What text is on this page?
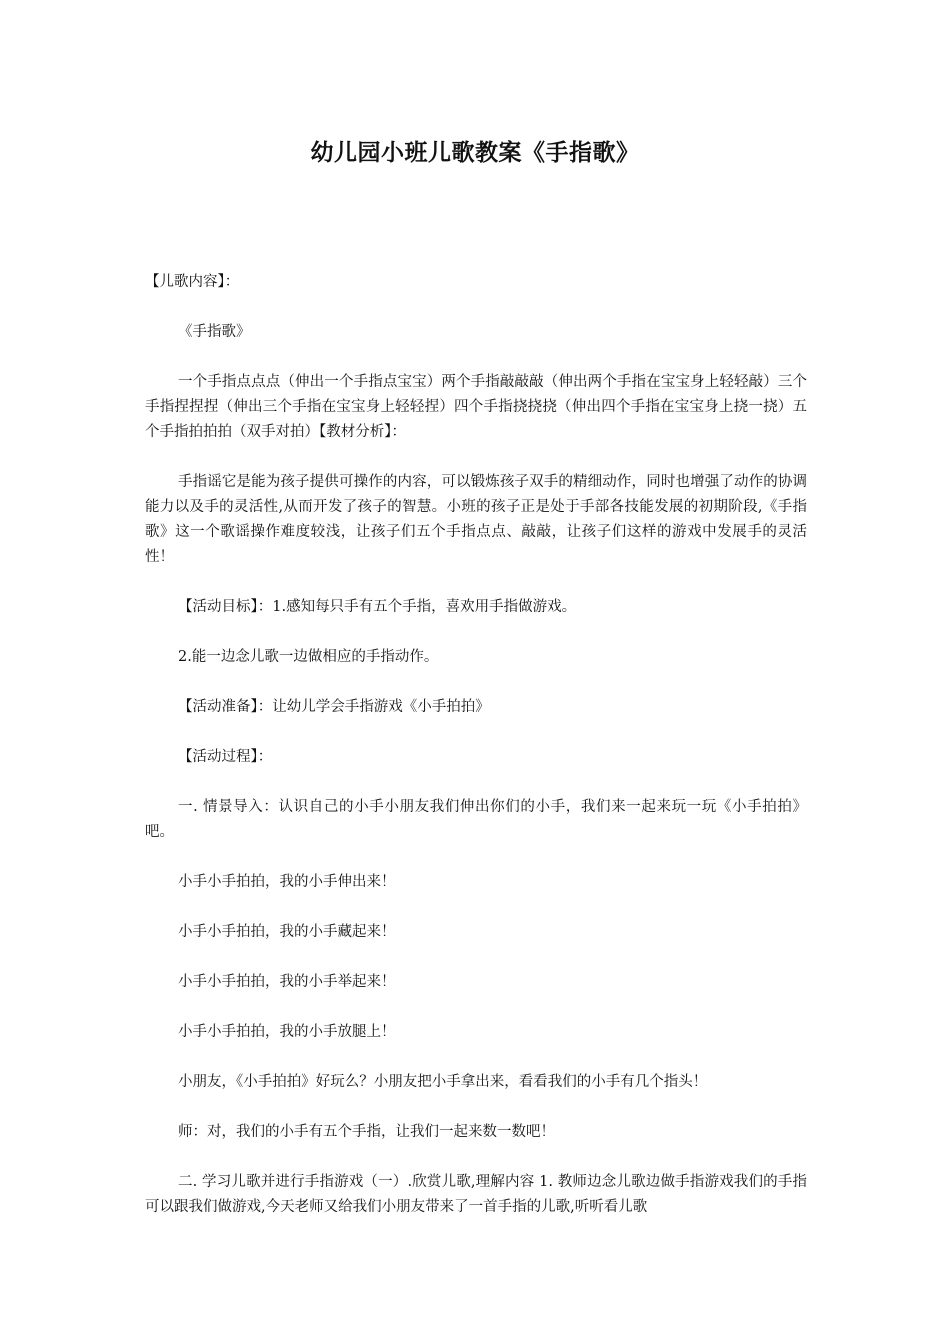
幼儿园小班儿歌教案《手指歌》

【儿歌内容】：

《手指歌》

一个手指点点点（伸出一个手指点宝宝）两个手指敲敲敲（伸出两个手指在宝宝身上轻轻敲）三个手指捏捏捏（伸出三个手指在宝宝身上轻轻捏）四个手指挠挠挠（伸出四个手指在宝宝身上挠一挠）五个手指拍拍拍（双手对拍）【教材分析】：

手指谣它是能为孩子提供可操作的内容，可以锻炼孩子双手的精细动作，同时也增强了动作的协调能力以及手的灵活性,从而开发了孩子的智慧。小班的孩子正是处于手部各技能发展的初期阶段,《手指歌》这一个歌谣操作难度较浅，让孩子们五个手指点点、敲敲，让孩子们这样的游戏中发展手的灵活性！

【活动目标】：1.感知每只手有五个手指，喜欢用手指做游戏。

2.能一边念儿歌一边做相应的手指动作。

【活动准备】：让幼儿学会手指游戏《小手拍拍》

【活动过程】：

一. 情景导入：认识自己的小手小朋友我们伸出你们的小手，我们来一起来玩一玩《小手拍拍》吧。

小手小手拍拍，我的小手伸出来！

小手小手拍拍，我的小手藏起来！

小手小手拍拍，我的小手举起来！

小手小手拍拍，我的小手放腿上！

小朋友，《小手拍拍》好玩么？小朋友把小手拿出来，看看我们的小手有几个指头！

师：对，我们的小手有五个手指，让我们一起来数一数吧！

二. 学习儿歌并进行手指游戏（一）.欣赏儿歌,理解内容 1. 教师边念儿歌边做手指游戏我们的手指可以跟我们做游戏,今天老师又给我们小朋友带来了一首手指的儿歌,听听看儿歌
